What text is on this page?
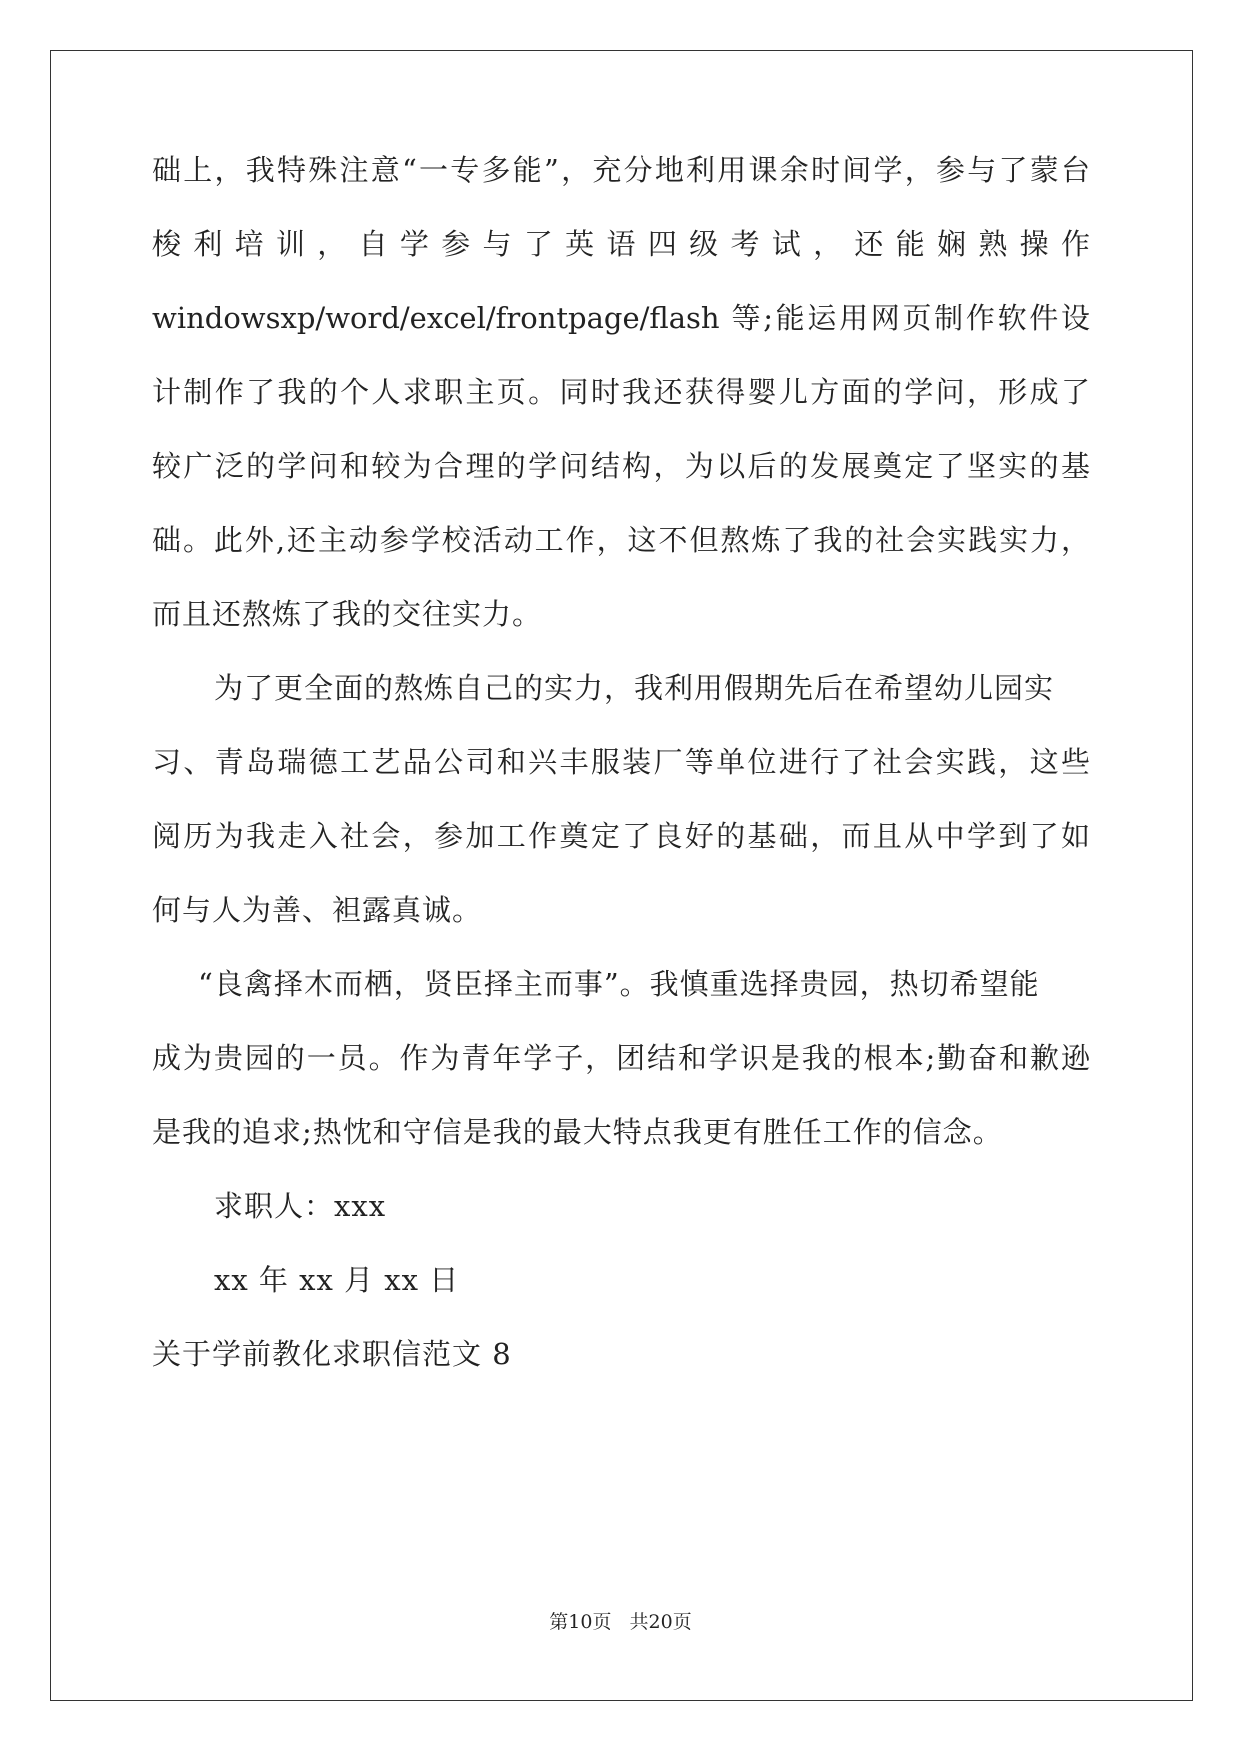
础上，我特殊注意“一专多能”，充分地利用课余时间学，参与了蒙台
梭 利 培 训 ， 自 学 参 与 了 英 语 四 级 考 试 ， 还 能 娴 熟 操 作
windowsxp/word/excel/frontpage/flash 等;能运用网页制作软件设
计制作了我的个人求职主页。同时我还获得婴儿方面的学问，形成了
较广泛的学问和较为合理的学问结构，为以后的发展奠定了坚实的基
础。此外,还主动参学校活动工作，这不但熬炼了我的社会实践实力，
而且还熬炼了我的交往实力。
为了更全面的熬炼自己的实力，我利用假期先后在希望幼儿园实
习、青岛瑞德工艺品公司和兴丰服装厂等单位进行了社会实践，这些
阅历为我走入社会，参加工作奠定了良好的基础，而且从中学到了如
何与人为善、袒露真诚。
“良禽择木而栖，贤臣择主而事”。我慎重选择贵园，热切希望能
成为贵园的一员。作为青年学子，团结和学识是我的根本;勤奋和歉逊
是我的追求;热忱和守信是我的最大特点我更有胜任工作的信念。
求职人：xxx
xx 年 xx 月 xx 日
关于学前教化求职信范文 8
第10页 共20页
